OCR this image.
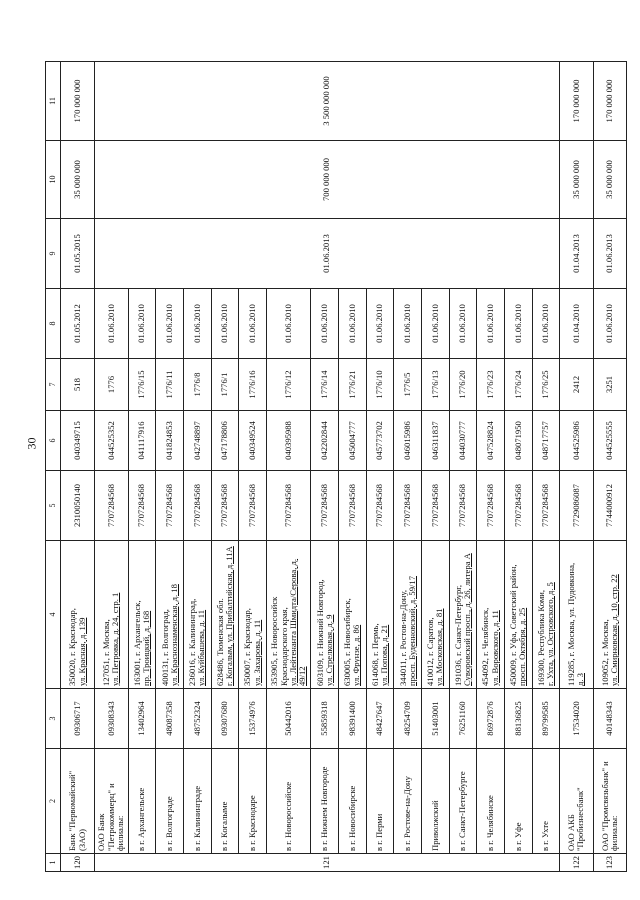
30
1	2	3	4	5	6	7	8	9	10	11
120	Банк "Первомайский" (ЗАО)	09306717	350020, г. Краснодар,
ул. Красная, д. 139	2310050140	040349715	518	01.05.2012	01.05.2015	35 000 000	170 000 000
121	ОАО Банк "Петрокоммерц" и филиалы:	09308343	127051, г. Москва,
ул. Петровка, д. 24, стр. 1	7707284568	044525352	1776	01.06.2010	01.06.2013	700 000 000	3 500 000 000
	в г. Архангельске	13402964	163001, г. Архангельск,
пр. Троицкий, д. 168	7707284568	041117916	1776/15	01.06.2010			
	в г. Волгограде	48087358	400131, г. Волгоград,
ул. Краснознаменская, д. 18	7707284568	041824853	1776/11	01.06.2010			
	в г. Калининграде	48752324	236016, г. Калининград,
ул. Куйбышева, д. 11	7707284568	042748897	1776/8	01.06.2010			
	в г. Когалыме	09307680	628486, Тюменская обл.
г. Когалым, ул. Прибалтийская, д. 11А	7707284568	047178806	1776/1	01.06.2010			
	в г. Краснодаре	15374976	350007, г. Краснодар,
ул. Захарова, д. 11	7707284568	040349524	1776/16	01.06.2010			
	в г. Новороссийске	50442016	353905, г. Новороссийск Краснодарского края,
ул. Лейтенанта Шмидта/Серова, д. 49/12	7707284568	040395988	1776/12	01.06.2010			
	в г. Нижнем Новгороде	55859318	603109, г. Нижний Новгород,
ул. Стрелковая, д. 9	7707284568	042202844	1776/14	01.06.2010			
	в г. Новосибирске	98391400	630005, г. Новосибирск,
ул. Фрунзе, д. 86	7707284568	045004777	1776/21	01.06.2010			
	в г. Перми	48427647	614068, г. Пермь,
ул. Попова, д. 21	7707284568	045773702	1776/10	01.06.2010			
	в г. Ростове-на-Дону	48254709	344011, г. Ростов-на-Дону,
просп. Буденновский, д. 59/17	7707284568	046015986	1776/5	01.06.2010			
	Приволжский	51403001	410012, г. Саратов,
ул. Московская, д. 81	7707284568	046311837	1776/13	01.06.2010			
	в г. Санкт-Петербурге	76251160	191036, г. Санкт-Петербург,
Суворовский просп., д. 26, литера А	7707284568	044030777	1776/20	01.06.2010			
	в г. Челябинске	86972876	454092, г. Челябинск,
ул. Воровского, д. 11	7707284568	047528824	1776/23	01.06.2010			
	в г. Уфе	88136825	450009, г. Уфа, Советский район,
просп. Октября, д. 25	7707284568	048071950	1776/24	01.06.2010			
	в г. Ухте	89799585	169300, Республика Коми,
г. Ухта, ул. Островского, д. 5	7707284568	048717757	1776/25	01.06.2010			
122	ОАО АКБ "Пробизнесбанк"	17534020	119285, г. Москва, ул. Пудовкина,
д. 3	7729086087	044525986	2412	01.04.2010	01.04.2013	35 000 000	170 000 000
123	ОАО "Промсвязьбанк" и филиалы:	40148343	109052, г. Москва,
ул. Смирновская, д. 10, стр. 22	7744000912	044525555	3251	01.06.2010	01.06.2013	35 000 000	170 000 000
